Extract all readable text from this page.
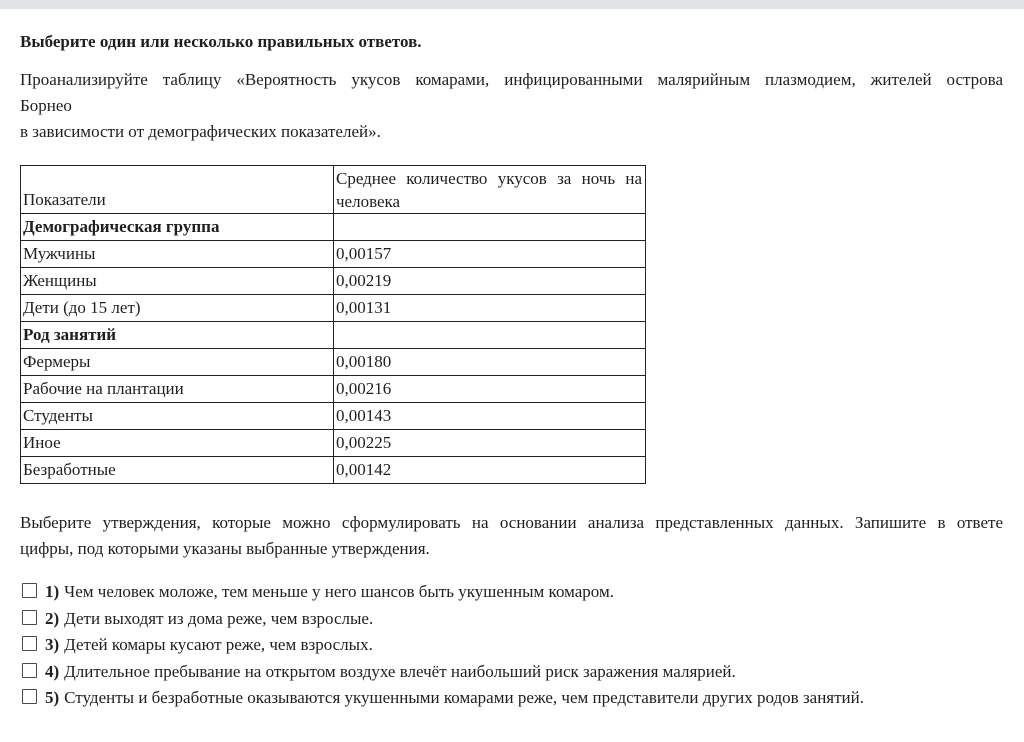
Выберите один или несколько правильных ответов.
Проанализируйте таблицу «Вероятность укусов комарами, инфицированными малярийным плазмодием, жителей острова
Борнео
в зависимости от демографических показателей».
Показатели	Среднее количество укусов за ночь на
человека

Демографическая группа	
Мужчины	0,00157
Женщины	0,00219
Дети (до 15 лет)	0,00131
Род занятий	
Фермеры	0,00180
Рабочие на плантации	0,00216
Студенты	0,00143
Иное	0,00225
Безработные	0,00142
Выберите утверждения, которые можно сформулировать на основании анализа представленных данных. Запишите в ответе
цифры, под которыми указаны выбранные утверждения.
1) Чем человек моложе, тем меньше у него шансов быть укушенным комаром.
2) Дети выходят из дома реже, чем взрослые.
3) Детей комары кусают реже, чем взрослых.
4) Длительное пребывание на открытом воздухе влечёт наибольший риск заражения малярией.
5) Студенты и безработные оказываются укушенными комарами реже, чем представители других родов занятий.
